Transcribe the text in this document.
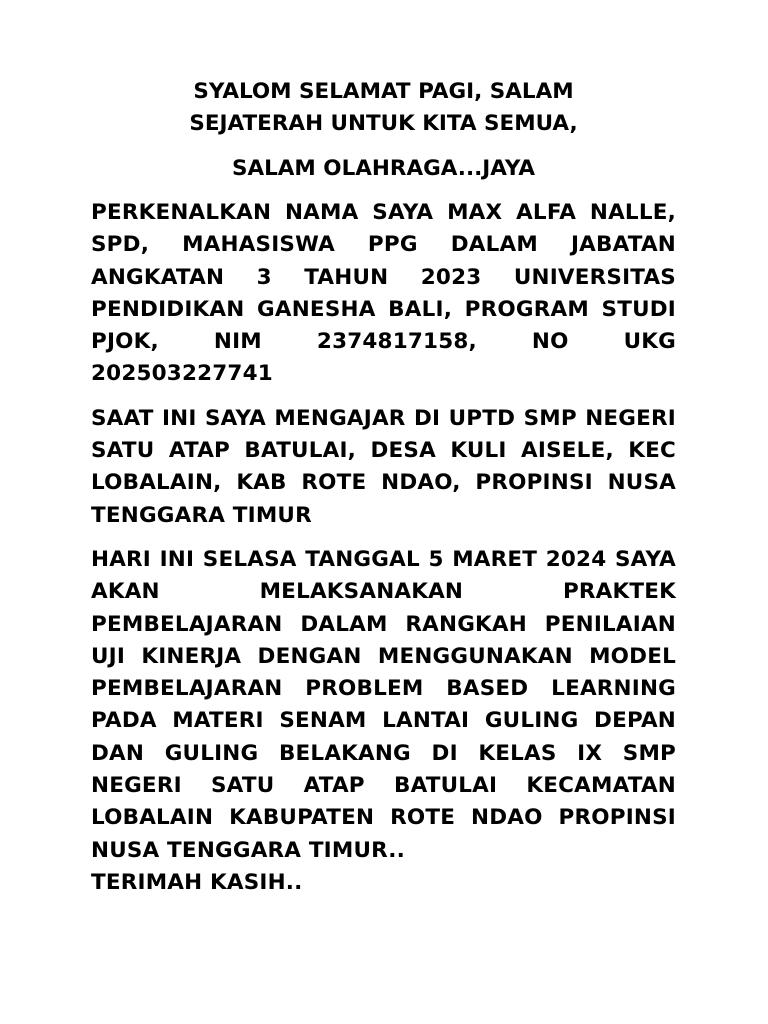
SYALOM SELAMAT PAGI, SALAM
SEJATERAH UNTUK KITA SEMUA,

SALAM OLAHRAGA...JAYA

PERKENALKAN NAMA SAYA MAX ALFA NALLE, SPD, MAHASISWA PPG DALAM JABATAN ANGKATAN 3 TAHUN 2023 UNIVERSITAS PENDIDIKAN GANESHA BALI, PROGRAM STUDI PJOK, NIM 2374817158, NO UKG 202503227741

SAAT INI SAYA MENGAJAR DI UPTD SMP NEGERI SATU ATAP BATULAI, DESA KULI AISELE, KEC LOBALAIN, KAB ROTE NDAO, PROPINSI NUSA TENGGARA TIMUR

HARI INI SELASA TANGGAL 5 MARET 2024 SAYA AKAN MELAKSANAKAN PRAKTEK PEMBELAJARAN DALAM RANGKAH PENILAIAN UJI KINERJA DENGAN MENGGUNAKAN MODEL PEMBELAJARAN PROBLEM BASED LEARNING PADA MATERI SENAM LANTAI GULING DEPAN DAN GULING BELAKANG DI KELAS IX SMP NEGERI SATU ATAP BATULAI KECAMATAN LOBALAIN KABUPATEN ROTE NDAO PROPINSI NUSA TENGGARA TIMUR..
TERIMAH KASIH..
